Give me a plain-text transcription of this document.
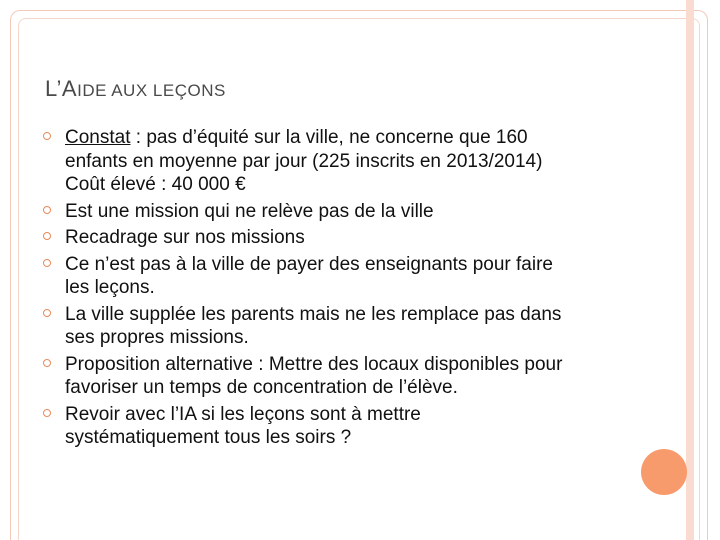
L’AIDE AUX LEÇONS
Constat : pas d’équité sur la ville, ne concerne que 160
enfants en moyenne par jour (225 inscrits en 2013/2014)
Coût élevé : 40 000 €
Est une mission qui ne relève pas de la ville
Recadrage sur nos missions
Ce n’est pas à la ville de payer des enseignants pour faire
les leçons.
La ville supplée les parents mais ne les remplace pas dans
ses propres missions.
Proposition alternative : Mettre des locaux disponibles pour
favoriser un temps de concentration de l’élève.
Revoir avec l’IA si les leçons sont à mettre
systématiquement tous les soirs ?
